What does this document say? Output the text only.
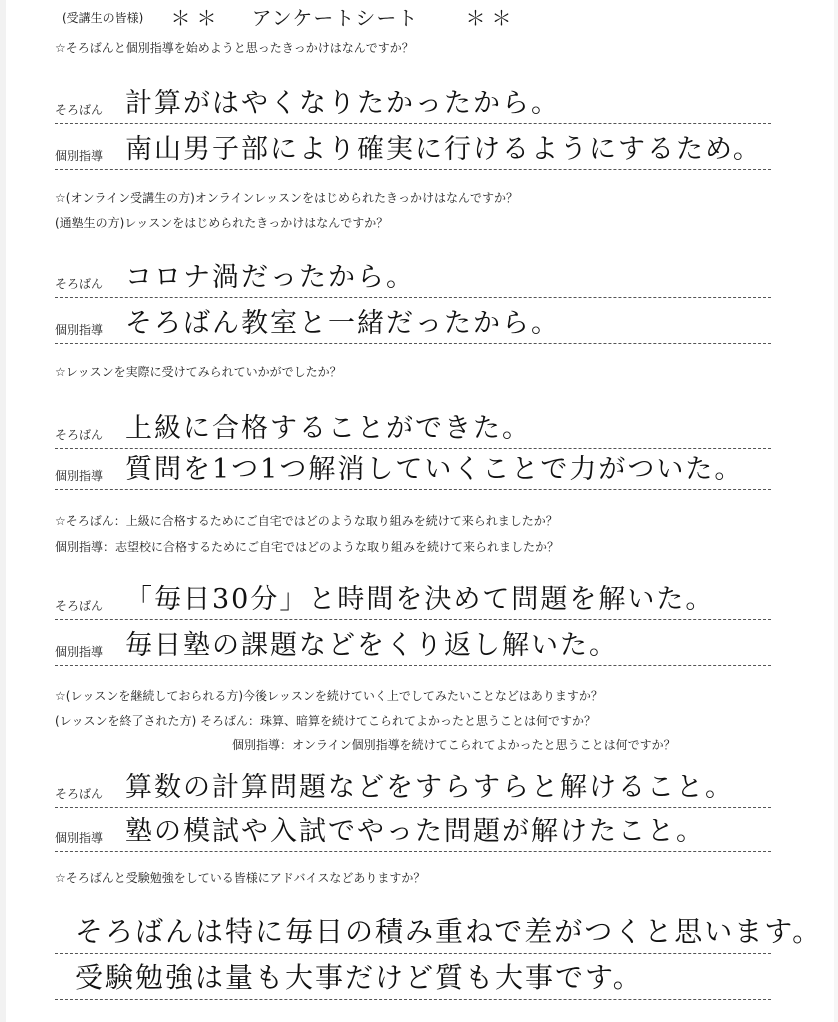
(受講生の皆様) ＊＊ アンケートシート ＊＊
☆そろばんと個別指導を始めようと思ったきっかけはなんですか？
そろばん 計算がはやくなりたかったから。
個別指導 南山男子部により確実に行けるようにするため。
☆(オンライン受講生の方)オンラインレッスンをはじめられたきっかけはなんですか？
(通塾生の方)レッスンをはじめられたきっかけはなんですか？
そろばん コロナ渦だったから。
個別指導 そろばん教室と一緒だったから。
☆レッスンを実際に受けてみられていかがでしたか？
そろばん 上級に合格することができた。
個別指導 質問を1つ1つ解消していくことで力がついた。
☆そろばん：上級に合格するためにご自宅ではどのような取り組みを続けて来られましたか？
個別指導：志望校に合格するためにご自宅ではどのような取り組みを続けて来られましたか？
そろばん 「毎日30分」と時間を決めて問題を解いた。
個別指導 毎日塾の課題などをくり返し解いた。
☆(レッスンを継続しておられる方)今後レッスンを続けていく上でしてみたいことなどはありますか？
(レッスンを終了された方) そろばん：珠算、暗算を続けてこられてよかったと思うことは何ですか？
個別指導：オンライン個別指導を続けてこられてよかったと思うことは何ですか？
そろばん 算数の計算問題などをすらすらと解けること。
個別指導 塾の模試や入試でやった問題が解けたこと。
☆そろばんと受験勉強をしている皆様にアドバイスなどありますか？
そろばんは特に毎日の積み重ねで差がつくと思います。
受験勉強は量も大事だけど質も大事です。
